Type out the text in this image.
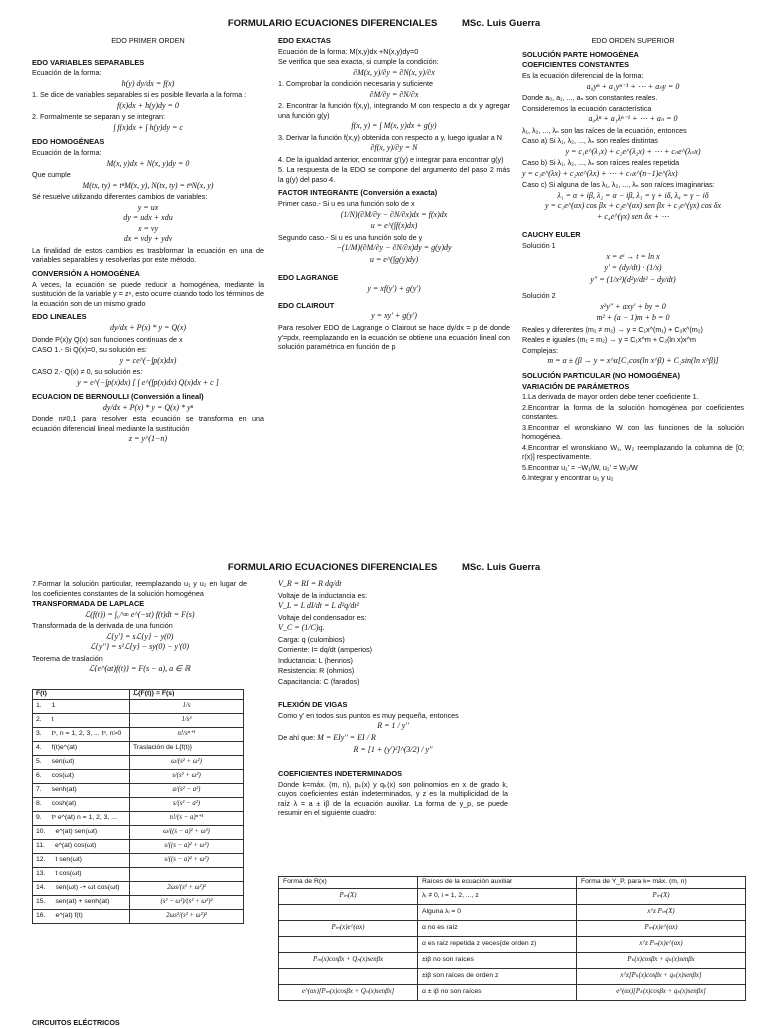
FORMULARIO ECUACIONES DIFERENCIALES	MSc. Luis Guerra
EDO PRIMER ORDEN
EDO VARIABLES SEPARABLES
Ecuación de la forma:
h(y) dy/dx = f(x)
1. Se dice de variables separables si es posible llevarla a la forma :
f(x)dx + h(y)dy = 0
2. Formalmente se separan y se integran:
∫ f(x)dx + ∫ h(y)dy = c
EDO HOMOGÉNEAS
Ecuación de la forma:
M(x, y)dx + N(x, y)dy = 0
Que cumple
M(tx, ty) = tⁿM(x, y), N(tx, ty) = tⁿN(x, y)
Sé resuelve utilizando diferentes cambios de variables:
y = ux
dy = udx + xdu
x = vy
dx = vdy + ydv
La finalidad de estos cambios es trasbformar la ecuación en una de variables separables y resolverlas por este método.
CONVERSIÓN A HOMOGÉNEA
A veces, la ecuación se puede reducir a homogénea, mediante la sustitución de la variable y = zⁿ, esto ocurre cuando todo los términos de la ecuación son de un mismo grado
EDO LINEALES
dy/dx + P(x) * y = Q(x)
Donde P(x)y Q(x) son funciones continuas de x
CASO 1.- Si Q(x)=0, su solución es:
y = ce^(−∫p(x)dx)
CASO 2.- Q(x) ≠ 0, su solución es:
y = e^(−∫p(x)dx) [ ∫ e^(∫p(x)dx) Q(x)dx + c ]
ECUACION DE BERNOULLI (Conversión a lineal)
dy/dx + P(x) * y = Q(x) * yⁿ
Donde n≠0,1 para resolver esta ecuación se transforma en una ecuación diferencial lineal mediante la sustitución
z = y^(1−n)
EDO EXACTAS
Ecuación de la forma: M(x,y)dx +N(x,y)dy=0
Se verifica que sea exacta, si cumple la condición:
∂M(x, y)/∂y = ∂N(x, y)/∂x
1. Comprobar la condición necesaria y suficiente
∂M/∂y = ∂N/∂x
2. Encontrar la función f(x,y), integrando M con respecto a dx y agregar una función g(y)
f(x, y) = ∫ M(x, y)dx + g(y)
3. Derivar la función f(x,y) obtenida con respecto a y, luego igualar a N
∂f(x, y)/∂y = N
4. De la igualdad anterior, encontrar g'(y) e integrar para encontrar g(y)
5. La respuesta de la EDO se compone del argumento del paso 2 más la g(y) del paso 4.
FACTOR INTEGRANTE (Conversión a exacta)
Primer caso.- Si u es una función solo de x
(1/N)(∂M/∂y − ∂N/∂x)dx = f(x)dx
u = e^(∫f(x)dx)
Segundo caso.- Si u es una función solo de y
−(1/M)(∂M/∂y − ∂N/∂x)dy = g(y)dy
u = e^(∫g(y)dy)
EDO LAGRANGE
y = xf(y') + g(y')
EDO CLAIROUT
y = xy' + g(y')
Para resolver EDO de Lagrange o Clairout se hace dy/dx = p de donde y'=pdx, reemplazando en la ecuación se obtiene una ecuación lineal con solución paramétrica en función de p
EDO ORDEN SUPERIOR
SOLUCIÓN PARTE HOMOGÉNEA
COEFICIENTES CONSTANTES
Es la ecuación diferencial de la forma:
a₀yⁿ + a₁yⁿ⁻¹ + ⋯ + aₙy = 0
Donde a₀, a₁, ..., aₙ son constantes reales.
Consideremos la ecuación característica
a₀λⁿ + a₁λⁿ⁻¹ + ⋯ + aₙ = 0
λ₁, λ₂, ..., λₙ son las raíces de la ecuación, entonces
Caso a) Si λ₁, λ₂, ..., λₙ son reales distintas
y = c₁e^(λ₁x) + c₂e^(λ₂x) + ⋯ + cₙe^(λₙx)
Caso b) Si λ₁, λ₂, ..., λₙ son raíces reales repetida
y = c₁e^(λx) + c₂xe^(λx) + ⋯ + cₙx^(n−1)e^(λx)
Caso c) Si alguna de las λ₁, λ₂, ..., λₙ son raíces imaginarias:
λ₁ = α + iβ, λ₂ = α − iβ, λ₃ = γ + iδ, λ₄ = γ − iδ
y = c₁e^(αx) cos βx + c₂e^(αx) sen βx + c₃e^(γx) cos δx
+ c₄e^(γx) sen δx + ⋯
CAUCHY EULER
Solución 1
x = eᵗ → t = ln x
y' = (dy/dt) · (1/x)
y'' = (1/x²)(d²y/dt² − dy/dt)
Solución 2
x²y'' + axy' + by = 0
m² + (a − 1)m + b = 0
Reales y diferentes (m₁ ≠ m₂) → y = C₁x^(m₁) + C₂x^(m₂)
Reales e iguales (m₁ = m₂) → y = C₁x^m + C₂(ln x)x^m
Complejas:
m = α ± (β → y = x^α[C₁cos(ln x^β) + C₂sin(ln x^β)]
SOLUCIÓN PARTICULAR (NO HOMOGÉNEA)
VARIACIÓN DE PARÁMETROS
1.La derivada de mayor orden debe tener coeficiente 1.
2.Encontrar la forma de la solución homogénea por coeficientes constantes.
3.Encontrar el wronskiano W con las funciones de la solución homogénea.
4.Encontrar el wronskiano W₁, W₂ reemplazando la columna de [0; r(x)] respectivamente.
5.Encontrar u₁' = −W₁/W, u₂' = W₂/W
6.Integrar y encontrar u₁ y u₂
FORMULARIO ECUACIONES DIFERENCIALES	MSc. Luis Guerra
7.Formar la solución particular, reemplazando u₁ y u₂ en lugar de los coeficientes constantes de la solución homogénea
TRANSFORMADA DE LAPLACE
ℒ(f(t)) = ∫₀^∞ e^(−st) f(t)dt = F(s)
Transformada de la derivada de una función
ℒ{y'} = sℒ{y} − y(0)
ℒ{y''} = s²ℒ{y} − sy(0) − y'(0)
Teorema de traslación
ℒ{e^(at)f(t)} = F(s − a), a ∈ ℝ
F(t)	ℒ{F(t)} = F(s)
1. 1	1/s
2. t	1/s²
3. tⁿ, n = 1, 2, 3, ... tⁿ, n>0	n!/sⁿ⁺¹
4. f(t)e^(at)	Traslación de L{f(t)}
5. sen(ωt)	ω/(s² + ω²)
6. cos(ωt)	s/(s² + ω²)
7. senh(at)	a/(s² − a²)
8. cosh(at)	s/(s² − a²)
9. tⁿ e^(at) n = 1, 2, 3, ...	n!/(s − a)ⁿ⁺¹
10. e^(at) sen(ωt)	ω/((s − a)² + ω²)
11. e^(at) cos(ωt)	s/((s − a)² + ω²)
12. t sen(ωt)	s/((s − a)² + ω²)
13. t cos(ωt)	
14. sen(ωt) -+ ωt cos(ωt)	2ωs/(s² + ω²)²
15. sen(at) + senh(at)	(s² − ω²)/(s² + ω²)²
16. e^(at) f(t)	2ωs²/(s² + ω²)²
CIRCUITOS ELÉCTRICOS
V_R = RI = R dq/dt
Voltaje de la inductancia es:
V_L = L dI/dt = L d²q/dt²
Voltaje del condensador es:
V_C = (1/C)q.
Carga: q (culombios)
Corriente: I= dq/dt (amperios)
Inductancia: L (henrios)
Resistencia: R (ohmios)
Capacitancia: C (farados)
FLEXIÓN DE VIGAS
Como y' en todos sus puntos es muy pequeña, entonces
R = 1 / y''
De ahí que: M = EIy'' = EI / R
R = [1 + (y')²]^(3/2) / y''
COEFICIENTES INDETERMINADOS
Donde k=máx. (m, n), pₖ(x) y qₖ(x) son polinomios en x de grado k, cuyos coeficientes están indeterminados, y z es la multiplicidad de la raíz λ = a ± iβ de la ecuación auxiliar. La forma de y_p, se puede resumir en el siguiente cuadro:
Forma de R(x)	Raíces de la ecuación auxiliar	Forma de Y_P, para k= máx. (m, n)
Pₘ(X)	λᵢ ≠ 0, i = 1, 2, ..., z	Pₘ(X)
	Alguna λᵢ = 0	x^z Pₘ(X)
Pₘ(x)e^(αx)	α no es raíz	Pₘ(x)e^(αx)
	α es raíz repetida z veces(de orden z)	x^z Pₘ(x)e^(αx)
Pₘ(x)cosβx + Qₙ(x)senβx	±iβ no son raíces	Pₖ(x)cosβx + qₖ(x)senβx
	±iβ son raíces de orden z	x^z[Pₖ(x)cosβx + qₖ(x)senβx]
e^(αx)[Pₘ(x)cosβx + Qₙ(x)senβx]	α ± iβ no son raíces	e^(αx)[Pₖ(x)cosβx + qₖ(x)senβx]
